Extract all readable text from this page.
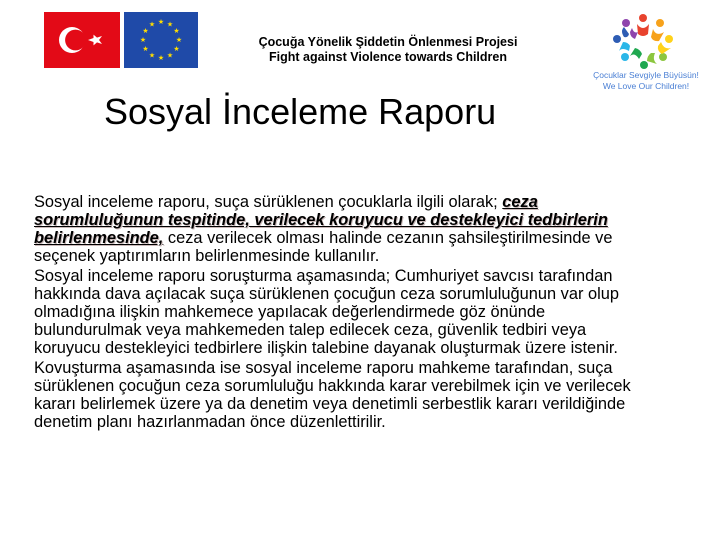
★ ★
★
★
★
★
★
★
★
★
★
★
Çocuğa Yönelik Şiddetin Önlenmesi Projesi
Fight against Violence towards Children
Çocuklar Sevgiyle Büyüsün!
We Love Our Children!
Sosyal İnceleme Raporu
Sosyal inceleme raporu, suça sürüklenen çocuklarla ilgili olarak; ceza sorumluluğunun tespitinde, verilecek koruyucu ve destekleyici tedbirlerin belirlenmesinde, ceza verilecek olması halinde cezanın şahsileştirilmesinde ve seçenek yaptırımların belirlenmesinde kullanılır.
Sosyal inceleme raporu soruşturma aşamasında; Cumhuriyet savcısı tarafından hakkında dava açılacak suça sürüklenen çocuğun ceza sorumluluğunun var olup olmadığına ilişkin mahkemece yapılacak değerlendirmede göz önünde bulundurulmak veya mahkemeden talep edilecek ceza, güvenlik tedbiri veya koruyucu destekleyici tedbirlere ilişkin talebine dayanak oluşturmak üzere istenir.
Kovuşturma aşamasında ise sosyal inceleme raporu mahkeme tarafından, suça sürüklenen çocuğun ceza sorumluluğu hakkında karar verebilmek için ve verilecek kararı belirlemek üzere ya da denetim veya denetimli serbestlik kararı verildiğinde denetim planı hazırlanmadan önce düzenlettirilir.
